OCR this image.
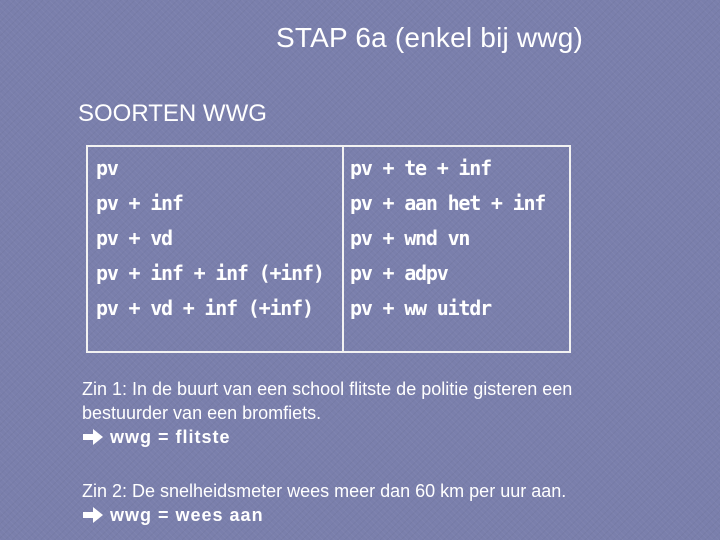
STAP 6a (enkel bij wwg)
SOORTEN WWG
pv
pv + inf
pv + vd
pv + inf + inf (+inf)
pv + vd + inf (+inf)
pv + te + inf
pv + aan het + inf
pv + wnd vn
pv + adpv
pv + ww uitdr
Zin 1: In de buurt van een school flitste de politie gisteren een
bestuurder van een bromfiets.
wwg = flitste
Zin 2: De snelheidsmeter wees meer dan 60 km per uur aan.
wwg = wees aan
